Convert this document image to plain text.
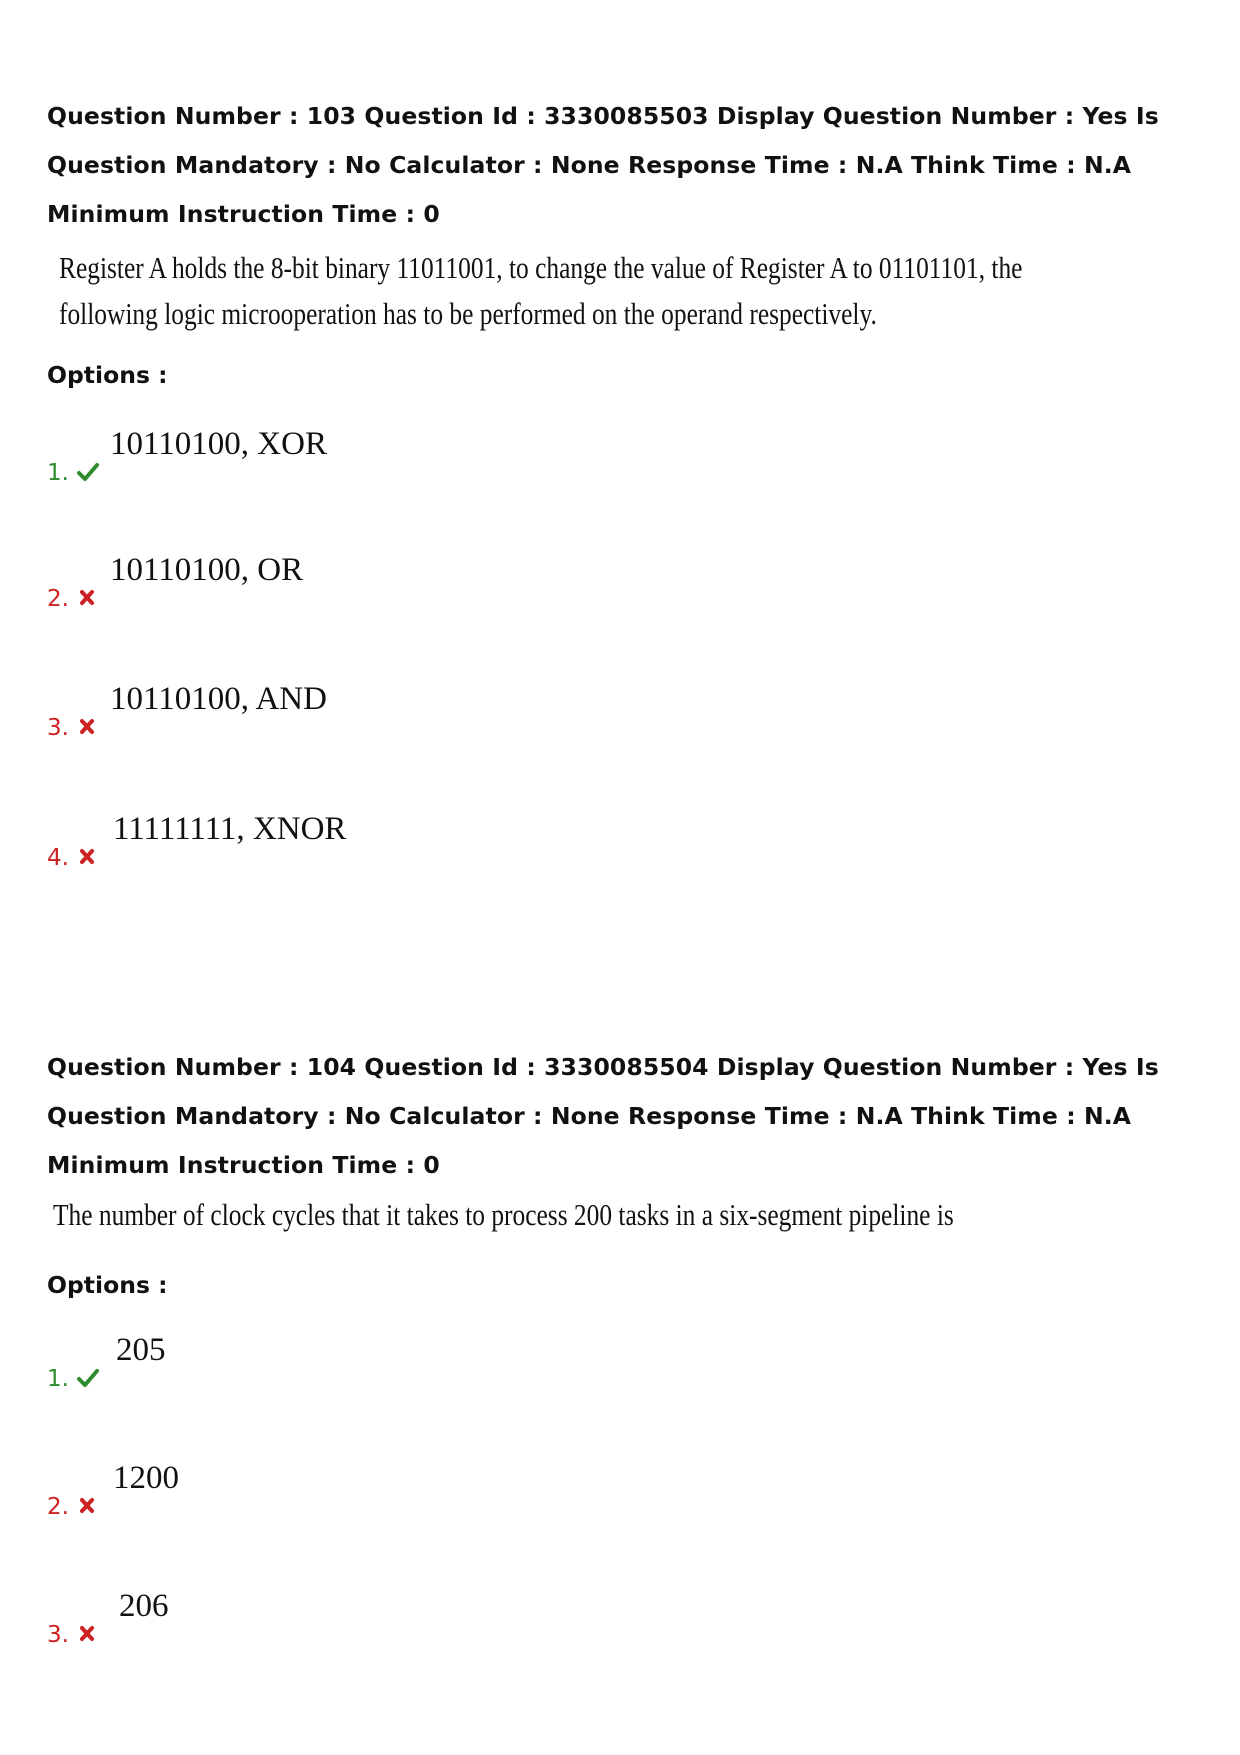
Question Number : 103 Question Id : 3330085503 Display Question Number : Yes Is Question Mandatory : No Calculator : None Response Time : N.A Think Time : N.A Minimum Instruction Time : 0

Register A holds the 8-bit binary 11011001, to change the value of Register A to 01101101, the following logic microoperation has to be performed on the operand respectively.

Options :
1.
10110100, XOR
2.
10110100, OR
3.
10110100, AND
4.
11111111, XNOR

Question Number : 104 Question Id : 3330085504 Display Question Number : Yes Is Question Mandatory : No Calculator : None Response Time : N.A Think Time : N.A Minimum Instruction Time : 0

The number of clock cycles that it takes to process 200 tasks in a six-segment pipeline is

Options :
1.
205
2.
1200
3.
206
